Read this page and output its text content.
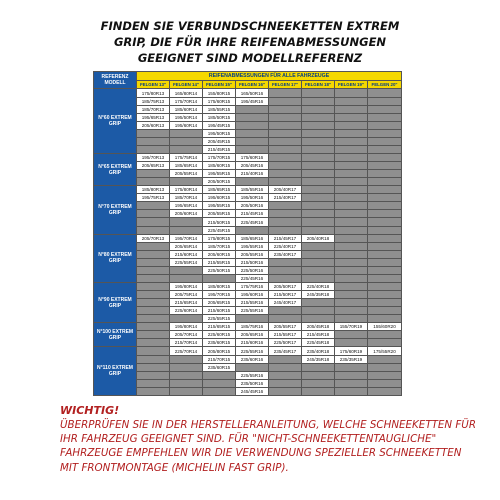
FINDEN SIE VERBUNDSCHNEEKETTEN EXTREM
GRIP, DIE FÜR IHRE REIFENABMESSUNGEN
GEEIGNET SIND MODELLREFERENZ
REFERENZ MODELL	REIFENABMESSUNGEN FÜR ALLE FAHRZEUGE							
	FELGEN 13"	FELGEN 14"	FELGEN 15"	FELGEN 16"	FELGEN 17"	FELGEN 18"	FELGEN 19"	FELGEN 20"
N°60 EXTREM GRIP	175/80R13	165/80R14	155/80R15	165/50R16				
	185/75R13	175/70R14	175/60R15	195/45R16				
	185/70R13	185/60R14	185/55R15					
	195/65R13	195/50R14	185/50R15					
	205/60R13	195/60R14	195/45R15					
			195/50R15					
			205/45R15					
			215/45R15					
N°65 EXTREM GRIP	195/70R13	175/75R14	175/70R15	175/60R16				
	205/65R13	185/65R14	185/60R15	205/45R16				
		205/55R14	195/55R15	215/40R16				
			205/50R15					
N°70 EXTREM GRIP	185/80R13	175/80R14	185/65R15	185/55R16	205/40R17			
	195/75R13	185/70R14	195/60R15	195/50R16	215/40R17			
		195/65R14	195/55R15	205/50R16				
		205/60R14	205/55R15	215/45R16				
			215/50R15	225/45R16				
			225/45R15					
N°80 EXTREM GRIP	205/70R13	195/70R14	175/80R15	185/65R16	215/45R17	205/40R18		
		205/65R14	185/70R15	195/55R16	225/40R17			
		215/60R14	205/60R15	205/55R16	235/40R17			
		225/55R14	215/55R15	215/50R16				
			225/50R15	225/50R16				
				225/45R16				
N°90 EXTREM GRIP		195/80R14	185/80R15	175/75R16	205/50R17	225/40R18		
		205/75R14	195/70R15	195/60R16	215/50R17	245/35R18		
		215/65R14	205/65R15	215/55R16	245/40R17			
		225/60R14	215/60R15	225/55R16				
			225/55R15					
N°100 EXTREM GRIP		195/80R14	215/65R15	185/75R16	205/55R17	205/45R18	155/70R19	155/60R20
		205/70R14	225/60R15	205/65R16	215/55R17	215/45R18		
		215/70R14	235/60R15	215/60R16	225/50R17	225/45R18		
N°110 EXTREM GRIP		225/70R14	205/80R15	225/55R16	235/45R17	235/40R18	175/60R19	175/55R20
			215/70R15	235/60R16		245/35R18	235/35R19	
			235/60R15					
				225/55R16				
				235/50R16				
				245/45R16				
WICHTIG!
ÜBERPRÜFEN SIE IN DER HERSTELLERANLEITUNG, WELCHE SCHNEEKETTEN FÜR IHR FAHRZEUG GEEIGNET SIND. FÜR "NICHT-SCHNEEKETTENTAUGLICHE" FAHRZEUGE EMPFEHLEN WIR DIE VERWENDUNG SPEZIELLER SCHNEEKETTEN MIT FRONTMONTAGE (MICHELIN FAST GRIP).
